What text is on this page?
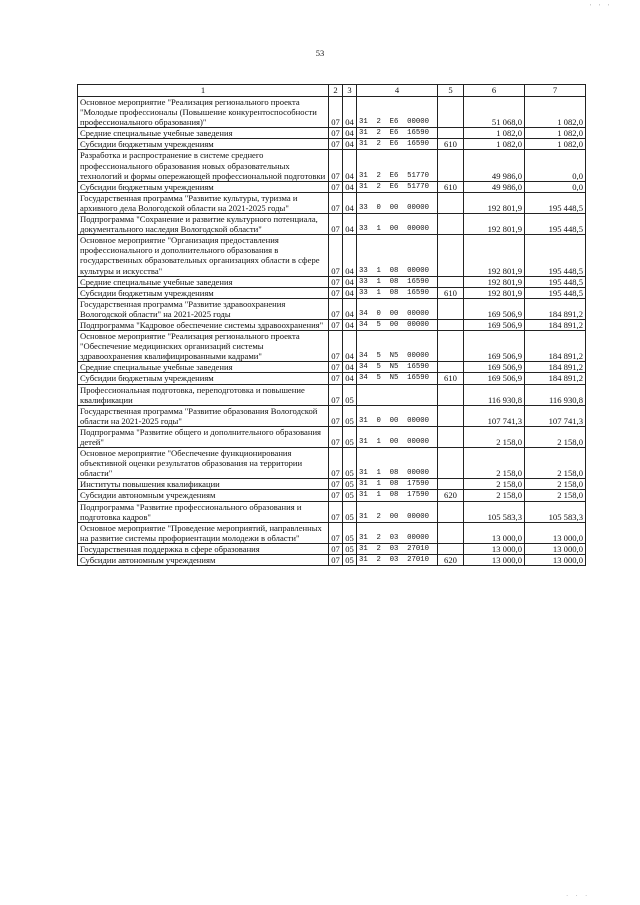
' ' '
53
1	2	3	4	5	6	7
Основное мероприятие "Реализация регионального проекта "Молодые профессионалы (Повышение конкурентоспособности профессионального образования)"	07	04	31  2  Е6  00000		51 068,0	1 082,0
Средние специальные учебные заведения	07	04	31  2  Е6  16590		1 082,0	1 082,0
Субсидии бюджетным учреждениям	07	04	31  2  Е6  16590	610	1 082,0	1 082,0
Разработка и распространение в системе среднего профессионального образования новых образовательных технологий и формы опережающей профессиональной подготовки	07	04	31  2  Е6  51770		49 986,0	0,0
Субсидии бюджетным учреждениям	07	04	31  2  Е6  51770	610	49 986,0	0,0
Государственная программа "Развитие культуры, туризма и архивного дела Вологодской области на 2021-2025 годы"	07	04	33  0  00  00000		192 801,9	195 448,5
Подпрограмма "Сохранение и развитие культурного потенциала, документального наследия Вологодской области"	07	04	33  1  00  00000		192 801,9	195 448,5
Основное мероприятие "Организация предоставления профессионального и дополнительного образования в государственных образовательных организациях области в сфере культуры и искусства"	07	04	33  1  08  00000		192 801,9	195 448,5
Средние специальные учебные заведения	07	04	33  1  08  16590		192 801,9	195 448,5
Субсидии бюджетным учреждениям	07	04	33  1  08  16590	610	192 801,9	195 448,5
Государственная программа "Развитие здравоохранения Вологодской области" на 2021-2025 годы	07	04	34  0  00  00000		169 506,9	184 891,2
Подпрограмма "Кадровое обеспечение системы здравоохранения"	07	04	34  5  00  00000		169 506,9	184 891,2
Основное мероприятие "Реализация регионального проекта "Обеспечение медицинских организаций системы здравоохранения квалифицированными кадрами"	07	04	34  5  N5  00000		169 506,9	184 891,2
Средние специальные учебные заведения	07	04	34  5  N5  16590		169 506,9	184 891,2
Субсидии бюджетным учреждениям	07	04	34  5  N5  16590	610	169 506,9	184 891,2
Профессиональная подготовка, переподготовка и повышение квалификации	07	05			116 930,8	116 930,8
Государственная программа "Развитие образования Вологодской области на 2021-2025 годы"	07	05	31  0  00  00000		107 741,3	107 741,3
Подпрограмма "Развитие общего и дополнительного образования детей"	07	05	31  1  00  00000		2 158,0	2 158,0
Основное мероприятие "Обеспечение функционирования объективной оценки результатов образования на территории области"	07	05	31  1  08  00000		2 158,0	2 158,0
Институты повышения квалификации	07	05	31  1  08  17590		2 158,0	2 158,0
Субсидии автономным учреждениям	07	05	31  1  08  17590	620	2 158,0	2 158,0
Подпрограмма "Развитие профессионального образования и подготовка кадров"	07	05	31  2  00  00000		105 583,3	105 583,3
Основное мероприятие "Проведение мероприятий, направленных на развитие системы профориентации молодежи в области"	07	05	31  2  03  00000		13 000,0	13 000,0
Государственная поддержка в сфере образования	07	05	31  2  03  27010		13 000,0	13 000,0
Субсидии автономным учреждениям	07	05	31  2  03  27010	620	13 000,0	13 000,0
. . .
